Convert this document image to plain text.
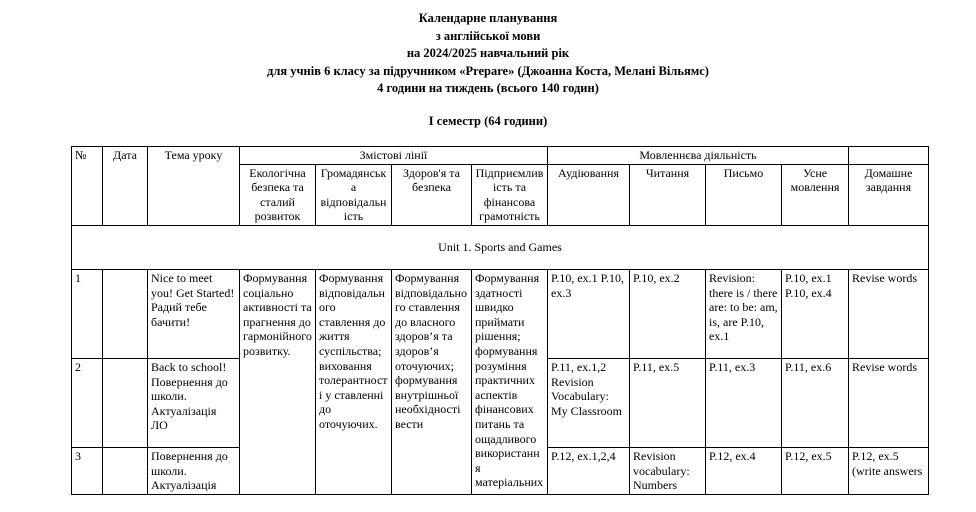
Календарне планування
з англійської мови
на 2024/2025 навчальний рік
для учнів 6 класу за підручником «Prepare» (Джоанна Коста, Мелані Вільямс)
4 години на тиждень (всього 140 годин)
І семестр (64 години)
№	Дата	Тема уроку	Змістові лінії				Мовленнєва діяльність				
			Екологічна безпека та сталий розвиток	Громадянська відповідальність	Здоров'я та безпека	Підприємливість та фінансова грамотність	Аудіювання	Читання	Письмо	Усне мовлення	Домашне завдання
Unit 1. Sports and Games											
1		Nice to meet you! Get Started! Радий тебе бачити!	Формування соціально активності та прагнення до гармонійного розвитку.	Формування відповідального ставлення до життя суспільства; виховання толерантності у ставленні до оточуючих.	Формування відповідального ставлення до власного здоров’я та здоров’я оточуючих; формування внутрішньої необхідності вести	Формування здатності швидко приймати рішення; формування розуміння практичних аспектів фінансових питань та ощадливого використання матеріальних	P.10, ex.1 P.10, ex.3	P.10, ex.2	Revision: there is / there are: to be: am, is, are P.10, ex.1	P.10, ex.1 P.10, ex.4	Revise words
2		Back to school! Повернення до школи. Актуалізація ЛО					P.11, ex.1,2 Revision Vocabulary: My Classroom	P.11, ex.5	P.11, ex.3	P.11, ex.6	Revise words
3		Повернення до школи. Актуалізація					P.12, ex.1,2,4	Revision vocabulary: Numbers	P.12, ex.4	P.12, ex.5	P.12, ex.5 (write answers
